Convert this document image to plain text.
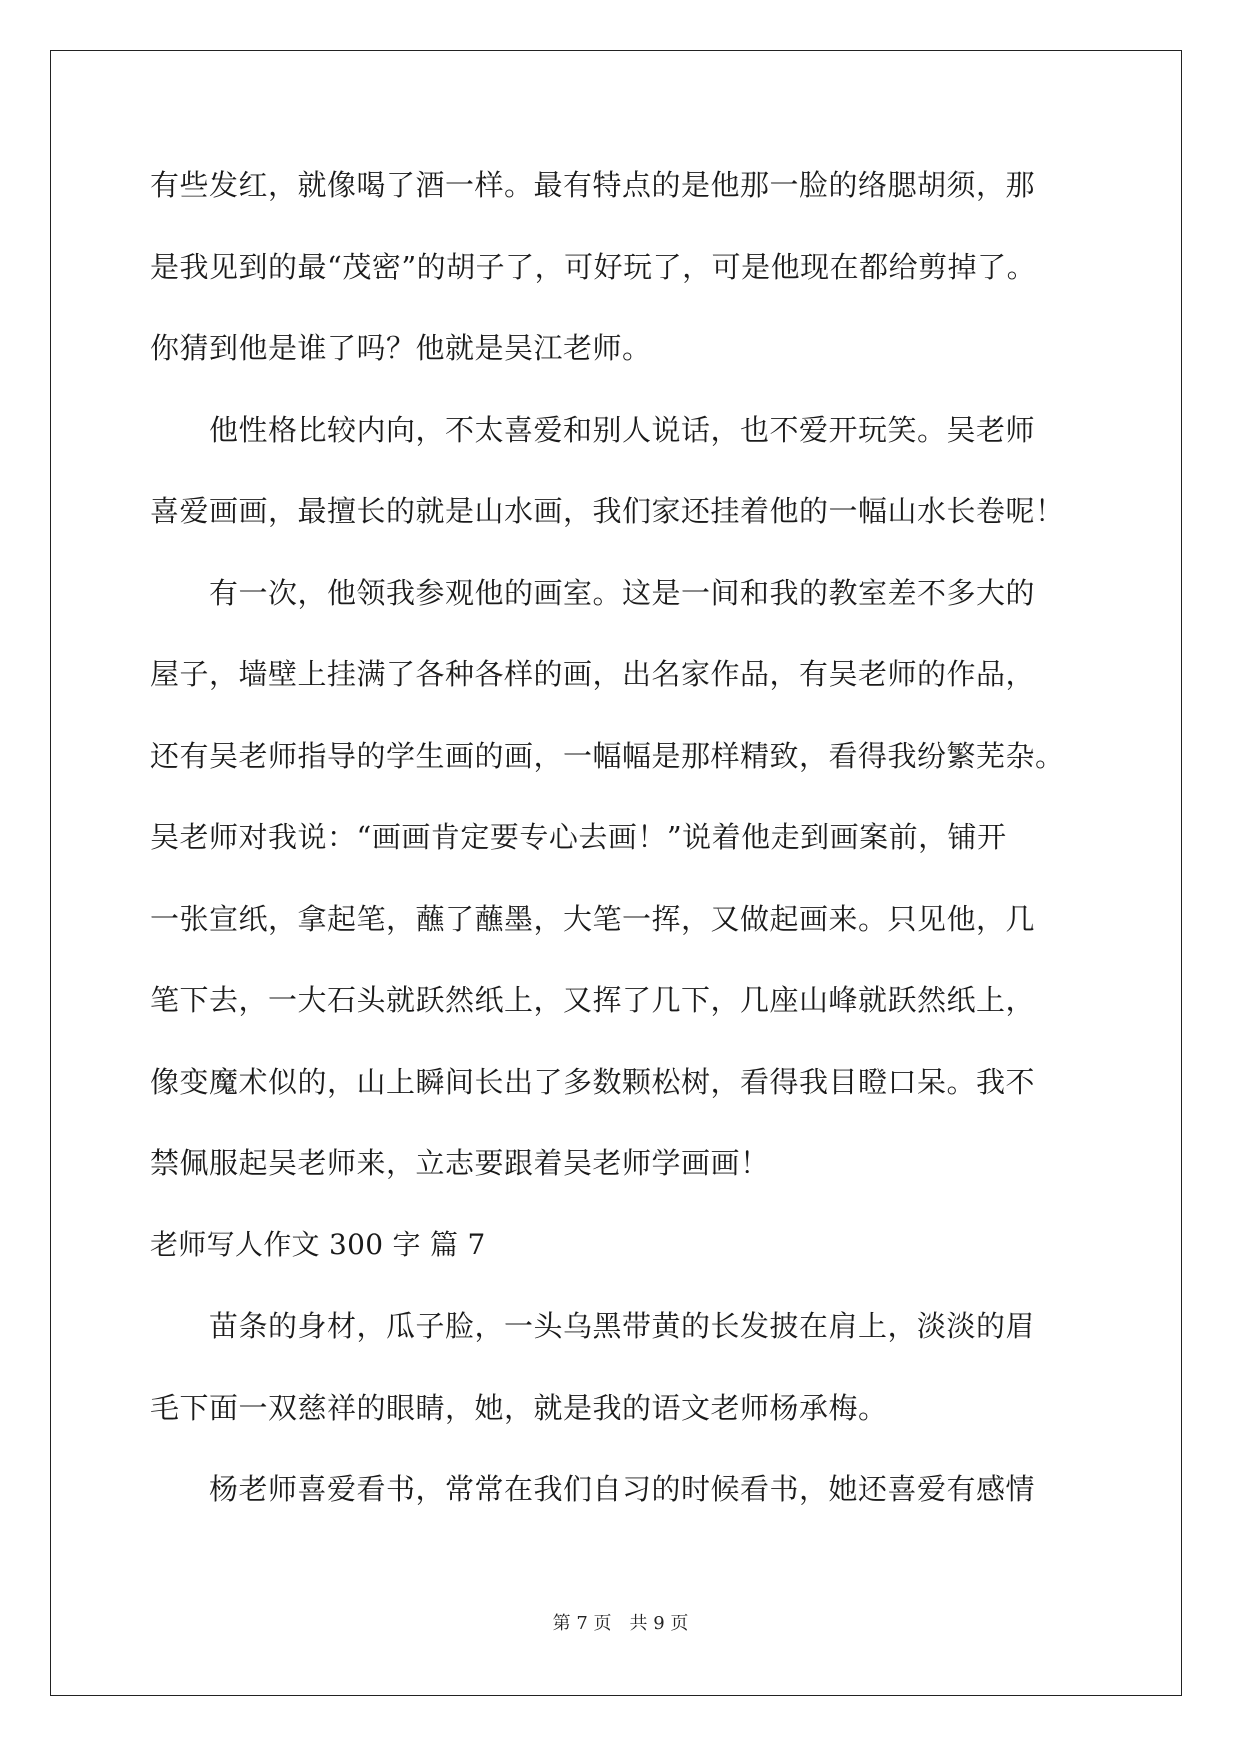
有些发红，就像喝了酒一样。最有特点的是他那一脸的络腮胡须，那
是我见到的最“茂密”的胡子了，可好玩了，可是他现在都给剪掉了。
你猜到他是谁了吗？他就是吴江老师。
　　他性格比较内向，不太喜爱和别人说话，也不爱开玩笑。吴老师
喜爱画画，最擅长的就是山水画，我们家还挂着他的一幅山水长卷呢！
　　有一次，他领我参观他的画室。这是一间和我的教室差不多大的
屋子，墙壁上挂满了各种各样的画，出名家作品，有吴老师的作品，
还有吴老师指导的学生画的画，一幅幅是那样精致，看得我纷繁芜杂。
吴老师对我说：“画画肯定要专心去画！”说着他走到画案前，铺开
一张宣纸，拿起笔，蘸了蘸墨，大笔一挥，又做起画来。只见他，几
笔下去，一大石头就跃然纸上，又挥了几下，几座山峰就跃然纸上，
像变魔术似的，山上瞬间长出了多数颗松树，看得我目瞪口呆。我不
禁佩服起吴老师来，立志要跟着吴老师学画画！
老师写人作文 300 字 篇 7
　　苗条的身材，瓜子脸，一头乌黑带黄的长发披在肩上，淡淡的眉
毛下面一双慈祥的眼睛，她，就是我的语文老师杨承梅。
　　杨老师喜爱看书，常常在我们自习的时候看书，她还喜爱有感情
第 7 页　共 9 页
